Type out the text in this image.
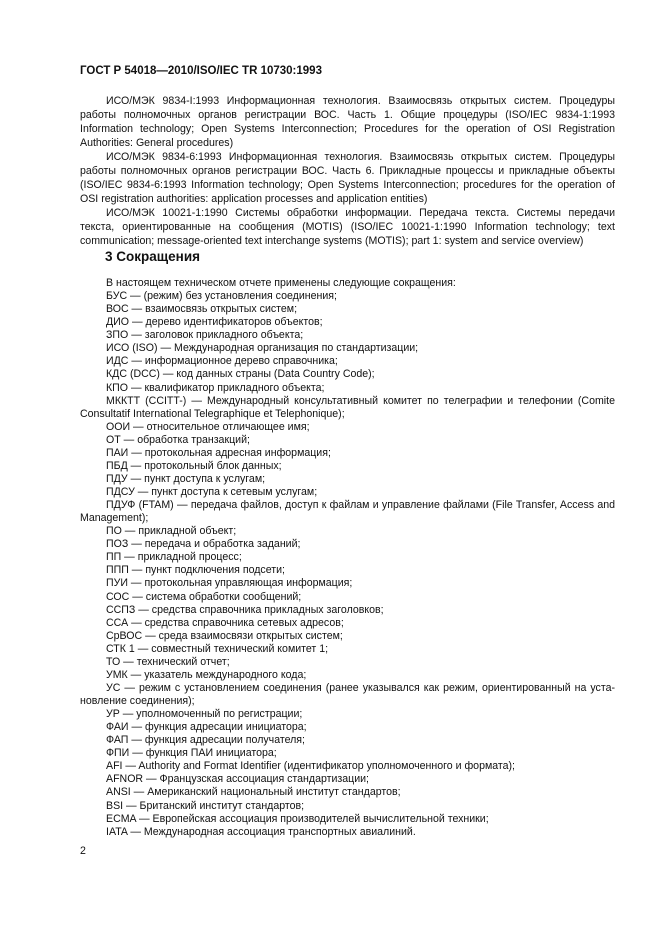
ГОСТ Р 54018—2010/ISO/IEC TR 10730:1993

ИСО/МЭК 9834-I:1993 Информационная технология. Взаимосвязь открытых систем. Процедуры работы полномочных органов регистрации ВОС. Часть 1. Общие процедуры (ISO/IEC 9834-1:1993 Information technology; Open Systems Interconnection; Procedures for the operation of OSI Registration Authorities: General procedures)

ИСО/МЭК 9834-6:1993 Информационная технология. Взаимосвязь открытых систем. Процедуры работы полномочных органов регистрации ВОС. Часть 6. Прикладные процессы и прикладные объекты (ISO/IEC 9834-6:1993 Information technology; Open Systems Interconnection; procedures for the operation of OSI registration authorities: application processes and application entities)

ИСО/МЭК 10021-1:1990 Системы обработки информации. Передача текста. Системы передачи текста, ориентированные на сообщения (MOTIS) (ISO/IEC 10021-1:1990 Information technology; text communication; message-oriented text interchange systems (MOTIS); part 1: system and service overview)

3 Сокращения

В настоящем техническом отчете применены следующие сокращения:

БУС — (режим) без установления соединения;

ВОС — взаимосвязь открытых систем;

ДИО — дерево идентификаторов объектов;

ЗПО — заголовок прикладного объекта;

ИСО (ISO) — Международная организация по стандартизации;

ИДС — информационное дерево справочника;

КДС (DCC) — код данных страны (Data Country Code);

КПО — квалификатор прикладного объекта;

МККТТ (CCITT-) — Международный консультативный комитет по телеграфии и телефонии (Comite Consultatif International Telegraphique et Telephonique);

ООИ — относительное отличающее имя;

ОТ — обработка транзакций;

ПАИ — протокольная адресная информация;

ПБД — протокольный блок данных;

ПДУ — пункт доступа к услугам;

ПДСУ — пункт доступа к сетевым услугам;

ПДУФ (FTAM) — передача файлов, доступ к файлам и управление файлами (File Transfer, Access and Management);

ПО — прикладной объект;

ПОЗ — передача и обработка заданий;

ПП — прикладной процесс;

ППП — пункт подключения подсети;

ПУИ — протокольная управляющая информация;

СОС — система обработки сообщений;

ССПЗ — средства справочника прикладных заголовков;

ССА — средства справочника сетевых адресов;

СрВОС — среда взаимосвязи открытых систем;

СТК 1 — совместный технический комитет 1;

ТО — технический отчет;

УМК — указатель международного кода;

УС — режим с установлением соединения (ранее указывался как режим, ориентированный на установление соединения);

УР — уполномоченный по регистрации;

ФАИ — функция адресации инициатора;

ФАП — функция адресации получателя;

ФПИ — функция ПАИ инициатора;

AFI — Authority and Format Identifier (идентификатор уполномоченного и формата);

AFNOR — Французская ассоциация стандартизации;

ANSI — Американский национальный институт стандартов;

BSI — Британский институт стандартов;

ECMA — Европейская ассоциация производителей вычислительной техники;

IATA — Международная ассоциация транспортных авиалиний.

2
